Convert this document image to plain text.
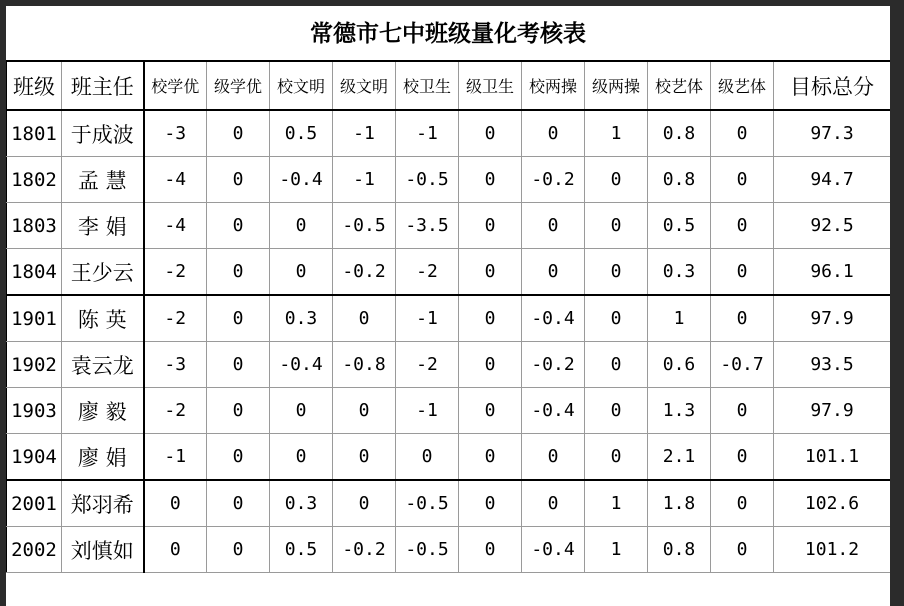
常德市七中班级量化考核表
班级	班主任	校学优	级学优	校文明	级文明	校卫生	级卫生	校两操	级两操	校艺体	级艺体	目标总分
1801	于成波	-3	0	0.5	-1	-1	0	0	1	0.8	0	97.3
1802	孟 慧	-4	0	-0.4	-1	-0.5	0	-0.2	0	0.8	0	94.7
1803	李 娟	-4	0	0	-0.5	-3.5	0	0	0	0.5	0	92.5
1804	王少云	-2	0	0	-0.2	-2	0	0	0	0.3	0	96.1
1901	陈 英	-2	0	0.3	0	-1	0	-0.4	0	1	0	97.9
1902	袁云龙	-3	0	-0.4	-0.8	-2	0	-0.2	0	0.6	-0.7	93.5
1903	廖 毅	-2	0	0	0	-1	0	-0.4	0	1.3	0	97.9
1904	廖 娟	-1	0	0	0	0	0	0	0	2.1	0	101.1
2001	郑羽希	0	0	0.3	0	-0.5	0	0	1	1.8	0	102.6
2002	刘慎如	0	0	0.5	-0.2	-0.5	0	-0.4	1	0.8	0	101.2
